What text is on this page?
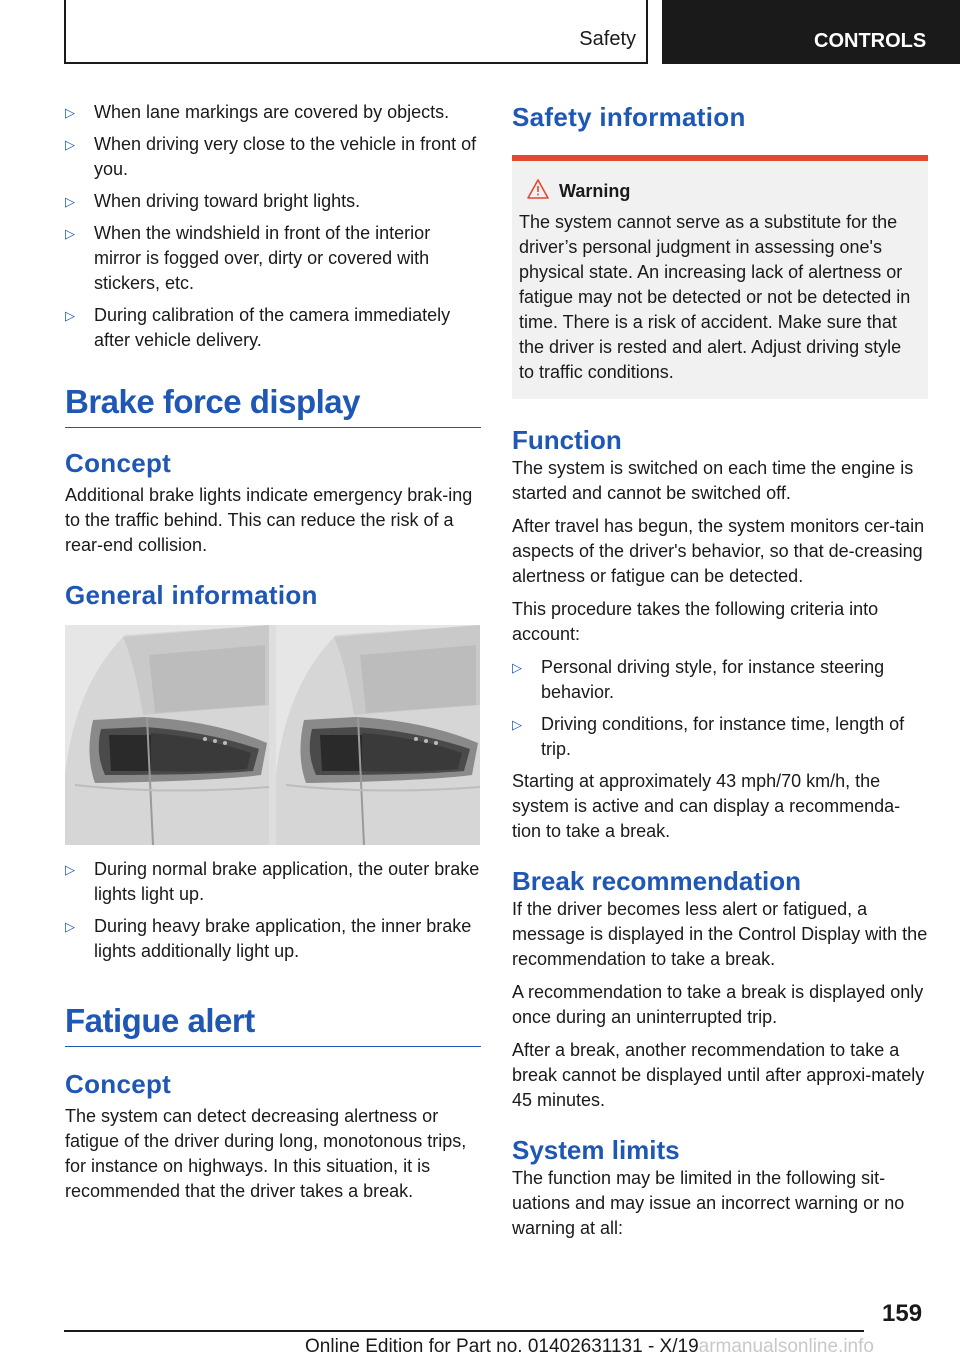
Safety	CONTROLS
▷ When lane markings are covered by objects.
▷ When driving very close to the vehicle in front of you.
▷ When driving toward bright lights.
▷ When the windshield in front of the interior mirror is fogged over, dirty or covered with stickers, etc.
▷ During calibration of the camera immediately after vehicle delivery.
Brake force display
Concept

Additional brake lights indicate emergency brak‐ing to the traffic behind. This can reduce the risk of a rear-end collision.

General information
▷ During normal brake application, the outer brake lights light up.
▷ During heavy brake application, the inner brake lights additionally light up.
Fatigue alert
Concept

The system can detect decreasing alertness or fatigue of the driver during long, monotonous trips, for instance on highways. In this situation, it is recommended that the driver takes a break.

Safety information
Warning

The system cannot serve as a substitute for the driver’s personal judgment in assessing one's physical state. An increasing lack of alertness or fatigue may not be detected or not be detected in time. There is a risk of accident. Make sure that the driver is rested and alert. Adjust driving style to traffic conditions.

Function

The system is switched on each time the engine is started and cannot be switched off.

After travel has begun, the system monitors cer‐tain aspects of the driver's behavior, so that de‐creasing alertness or fatigue can be detected.

This procedure takes the following criteria into account:

▷ Personal driving style, for instance steering behavior.
▷ Driving conditions, for instance time, length of trip.

Starting at approximately 43 mph/70 km/h, the system is active and can display a recommenda‐tion to take a break.

Break recommendation

If the driver becomes less alert or fatigued, a message is displayed in the Control Display with the recommendation to take a break.

A recommendation to take a break is displayed only once during an uninterrupted trip.

After a break, another recommendation to take a break cannot be displayed until after approxi‐mately 45 minutes.

System limits

The function may be limited in the following sit‐uations and may issue an incorrect warning or no warning at all:

159
Online Edition for Part no. 01402631131 - X/19armanualsonline.info
